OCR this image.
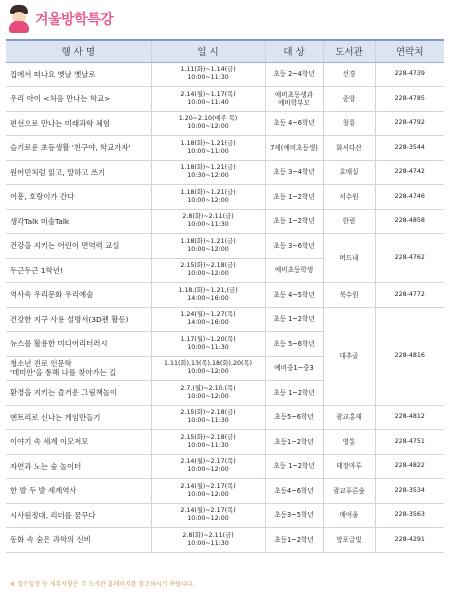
겨울방학특강
행 사 명	일 시	대 상	도서관	연락처
집에서 떠나요 옛날 옛날로	1.11(화)~1.14(금)
10:00~11:30	초등 2~4학년	선경	228-4739
우리 아이 <처음 만나는 학교>	2.14(월)~1.17(목)
10:00~11:40	예비초등생과
예비학부모	중앙	228-4785
편선으로 만나는 미래과학 체험	1.20~2.10(매주 목)
10:00~12:00	초등 4~6학년	창룡	228-4792
슬기로운 초등생활 '친구야, 학교가자'	1.18(화)~1.21(금)
10:00~11:00	7세(예비초등생)	화서다산	228-3544
원어민처럼 읽고, 말하고 쓰기	1.18(화)~1.21(금)
10:30~12:00	초등 3~4학년	호매실	228-4742
어흥, 호랑이가 간다	1.18(화)~1.21(금)
10:00~12:00	초등 1~2학년	서수원	228-4746
생각Talk 미술Talk	2.8(화)~2.11(금)
10:00~11:30	초등 1~2학년	한림	228-4858
건강을 지키는 어린이 면역력 교실	1.18(화)~1.21(금)
10:00~12:00	초등 3~6학년	버드내	228-4762
두근두근 1학년!	2.15(화)~2.18(금)
10:00~12:00	예비초등학생		
역사속 우리문화 우리예술	1.18,(화)~1.21,(금)
14:00~16:00	초등 4~5학년	북수원	228-4772
건강한 지구 사용 설명서(3D펜 활동)	1.24(월)~1.27(목)
14:00~16:00	초등 1~2학년	대추골	228-4816
뉴스를 활용한 미디어리터러시	1.17(월)~1.20(목)
10:00~11:30	초등 5~6학년		
청소년 진로 인문학
'데미안'을 통해 나를 찾아가는 길	1.11(화),13(목),18(화),20(목)
10:00~12:00	예비중1~중3		
환경을 지키는 즐거운 그림책놀이	2.7.(월)~2.10.(목)
10:00~12:00	초등 1~2학년		
엔트리로 신나는 게임만들기	2.15(화)~2.18(금)
10:00~11:30	초등5~6학년	광교홍재	228-4812
이야기 속 세계 이모저모	2.15(화)~2.18(금)
10:00~11:30	초등1~2학년	영통	228-4751
자연과 노는 숲 놀이터	2.14(월)~2.17(목)
10:00~12:00	초등 1~2학년	태장마루	228-4822
한 발 두 발 세계역사	2.14(월)~2.17(목)
10:00~12:00	초등4~6학년	광교푸른숲	228-3534
시사원정대, 리더를 꿈꾸다	2.14(월)~2.17(목)
10:00~12:00	초등3~5학년	매여울	228-3563
동화 속 숨은 과학의 신비	2.8(화)~2.11(금)
10:00~11:30	초등1~2학년	망포글빛	228-4291
※ 접수일정 등 세부사항은 각 도서관 홈페이지를 참고하시기 바랍니다.
